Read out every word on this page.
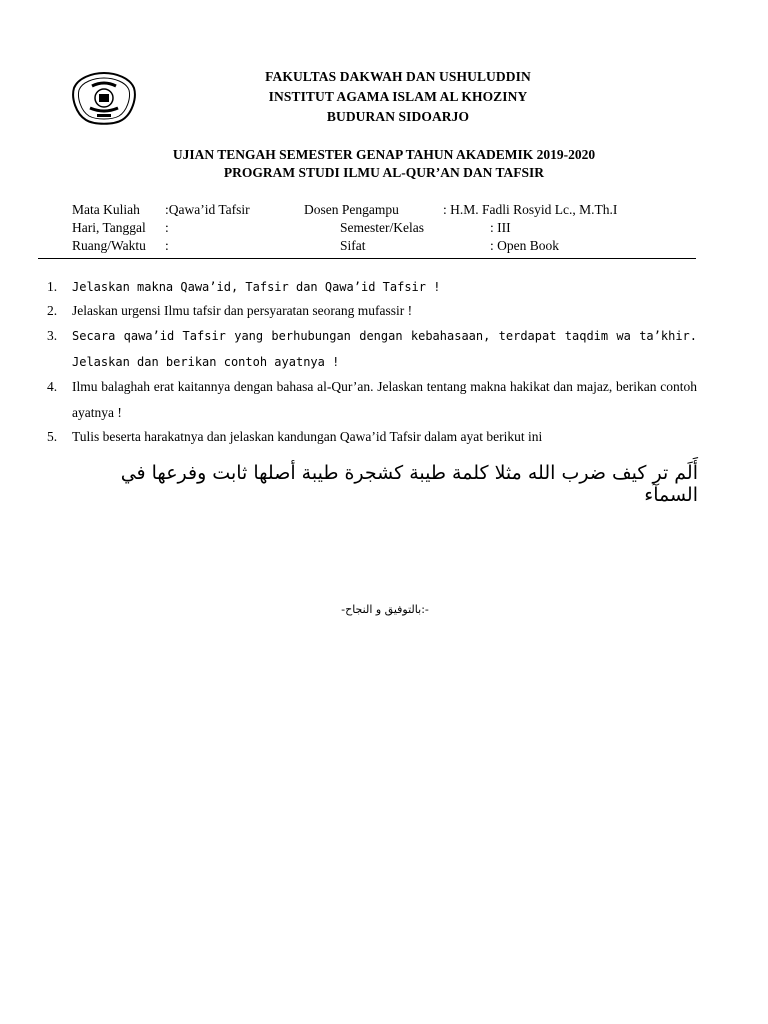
FAKULTAS DAKWAH DAN USHULUDDIN
INSTITUT AGAMA ISLAM AL KHOZINY
BUDURAN SIDOARJO
UJIAN TENGAH SEMESTER GENAP TAHUN AKADEMIK 2019-2020
PROGRAM STUDI ILMU AL-QUR’AN DAN TAFSIR
Mata Kuliah :Qawa’id Tafsir	Dosen Pengampu	: H.M. Fadli Rosyid Lc., M.Th.I
Hari, Tanggal :	Semester/Kelas	: III
Ruang/Waktu :	Sifat	: Open Book
1.	Jelaskan makna Qawa’id, Tafsir dan Qawa’id Tafsir !
2.	Jelaskan urgensi Ilmu tafsir dan persyaratan seorang mufassir !
3.	Secara qawa’id Tafsir yang berhubungan dengan kebahasaan, terdapat taqdim wa ta’khir. Jelaskan dan berikan contoh ayatnya !
4.	Ilmu balaghah erat kaitannya dengan bahasa al-Qur’an. Jelaskan tentang makna hakikat dan majaz, berikan contoh ayatnya !
5.	Tulis beserta harakatnya dan jelaskan kandungan Qawa’id Tafsir dalam ayat berikut ini
أَلَم تر كيف ضرب الله مثلا كلمة طيبة كشجرة طيبة أصلها ثابت وفرعها في السمآء
-:بالتوفيق و النجاح-
